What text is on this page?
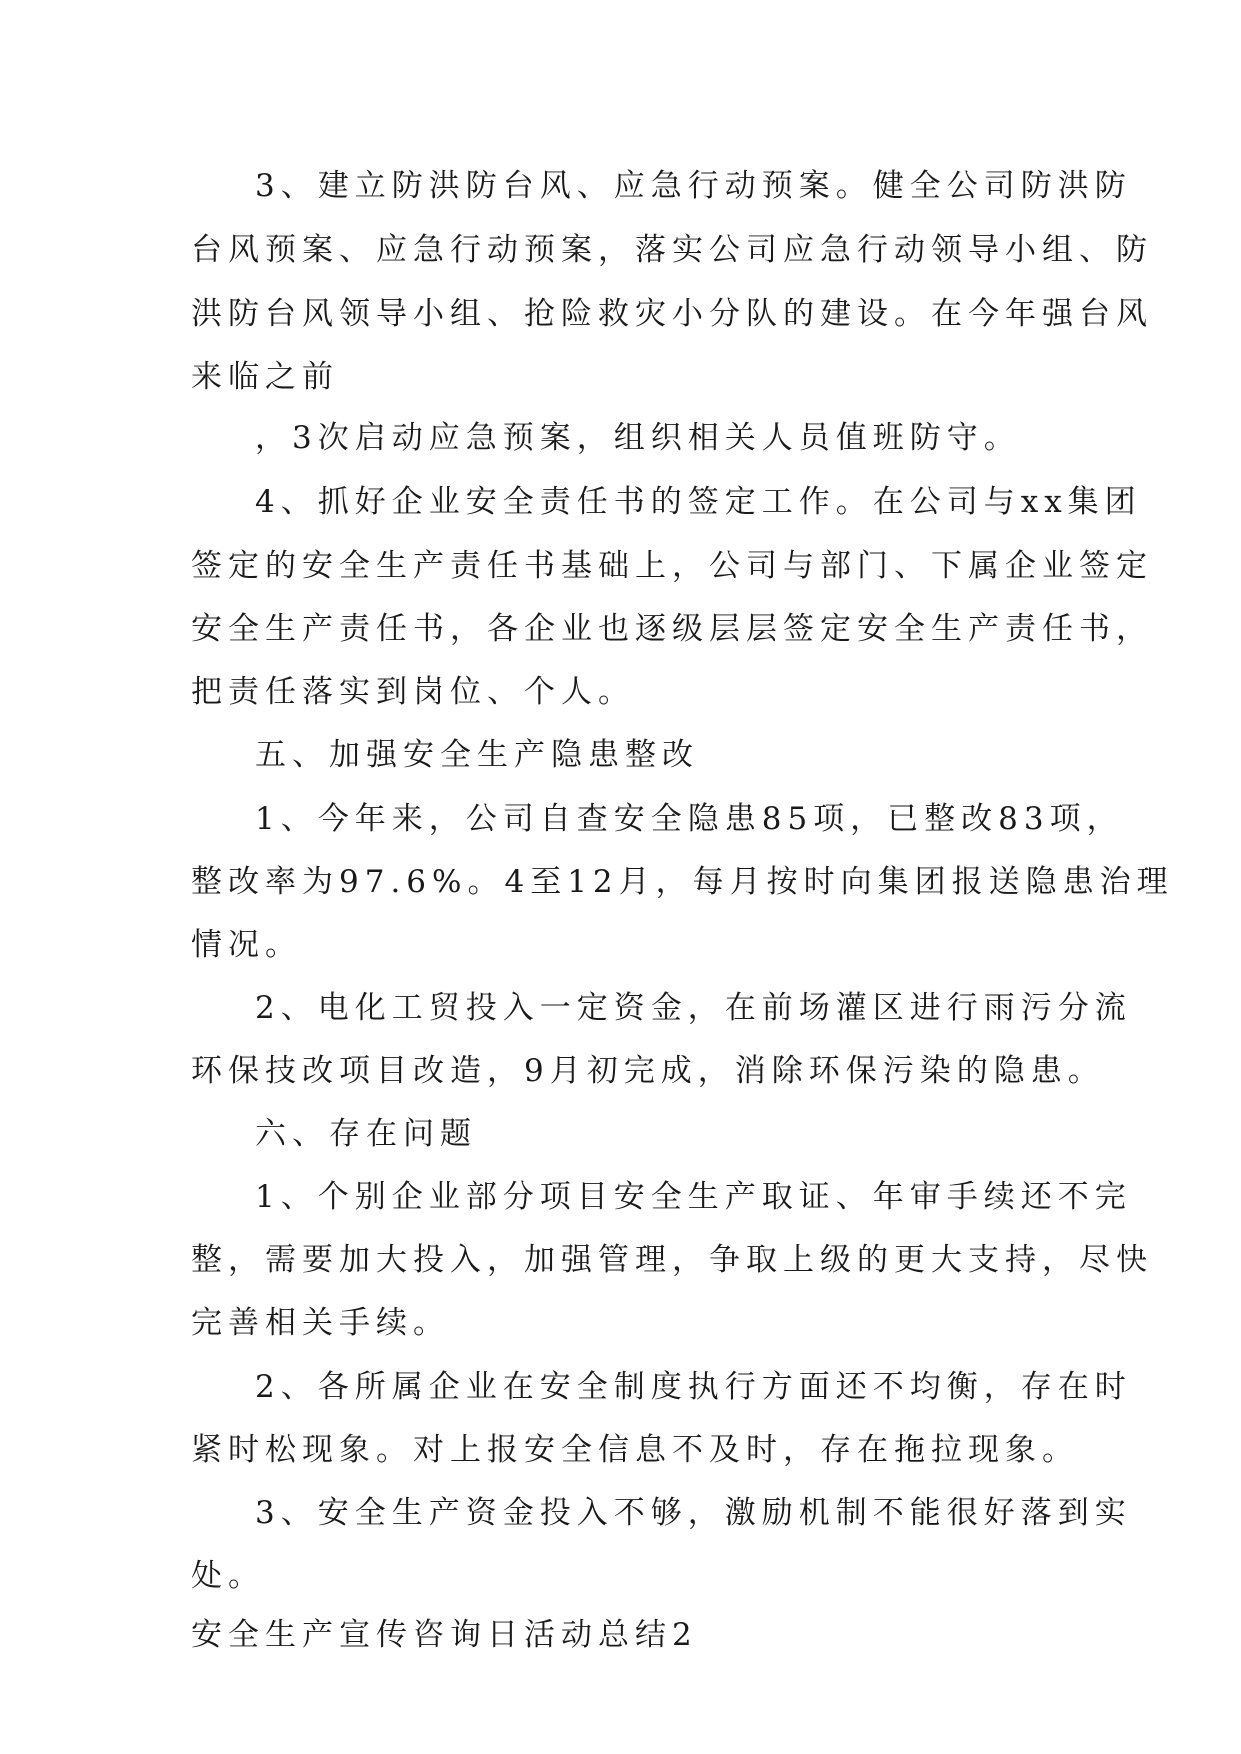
3、建立防洪防台风、应急行动预案。健全公司防洪防
台风预案、应急行动预案，落实公司应急行动领导小组、防
洪防台风领导小组、抢险救灾小分队的建设。在今年强台风
来临之前
，3次启动应急预案，组织相关人员值班防守。
4、抓好企业安全责任书的签定工作。在公司与xx集团
签定的安全生产责任书基础上，公司与部门、下属企业签定
安全生产责任书，各企业也逐级层层签定安全生产责任书，
把责任落实到岗位、个人。
五、加强安全生产隐患整改
1、今年来，公司自查安全隐患85项，已整改83项，
整改率为97.6%。4至12月，每月按时向集团报送隐患治理
情况。
2、电化工贸投入一定资金，在前场灌区进行雨污分流
环保技改项目改造，9月初完成，消除环保污染的隐患。
六、存在问题
1、个别企业部分项目安全生产取证、年审手续还不完
整，需要加大投入，加强管理，争取上级的更大支持，尽快
完善相关手续。
2、各所属企业在安全制度执行方面还不均衡，存在时
紧时松现象。对上报安全信息不及时，存在拖拉现象。
3、安全生产资金投入不够，激励机制不能很好落到实
处。
安全生产宣传咨询日活动总结2
